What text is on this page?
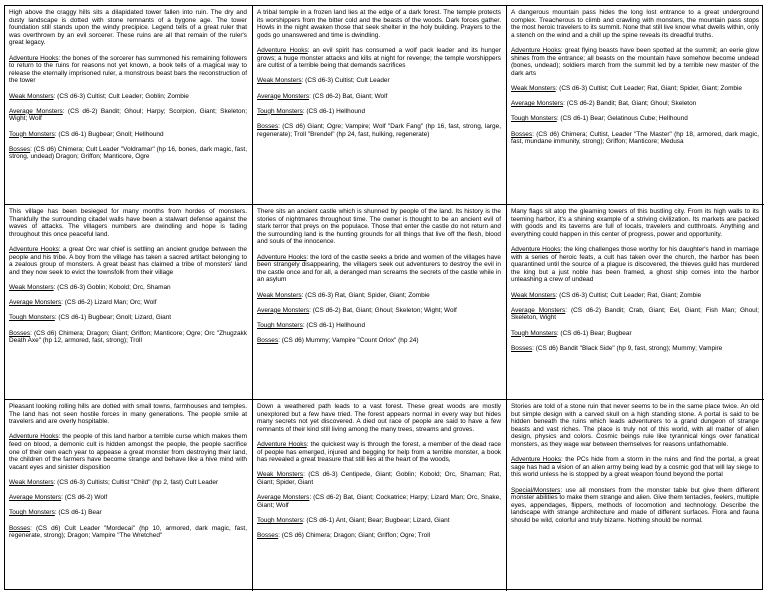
High above the craggy hills sits a dilapidated tower fallen into ruin. The dry and dusty landscape is dotted with stone remnants of a bygone age. The tower foundation still stands upon the windy precipice. Legend tells of a great ruler that was overthrown by an evil sorcerer. These ruins are all that remain of the ruler's great legacy.

Adventure Hooks: the bones of the sorcerer has summoned his remaining followers to return to the ruins for reasons not yet known, a book tells of a magical way to release the eternally imprisoned ruler, a monstrous beast bars the reconstruction of the tower

Weak Monsters: (CS d6-3) Cultist; Cult Leader; Goblin; Zombie

Average Monsters: (CS d6-2) Bandit; Ghoul; Harpy; Scorpion, Giant; Skeleton; Wight; Wolf

Tough Monsters: (CS d6-1) Bugbear; Gnoll; Hellhound

Bosses: (CS d6) Chimera; Cult Leader "Voldramar" (hp 16, bones, dark magic, fast, strong, undead) Dragon; Griffon; Manticore, Ogre

A tribal temple in a frozen land lies at the edge of a dark forest. The temple protects its worshippers from the bitter cold and the beasts of the woods. Dark forces gather. Howls in the night awaken those that seek shelter in the holy building. Prayers to the gods go unanswered and time is dwindling.

Adventure Hooks: an evil spirit has consumed a wolf pack leader and its hunger grows; a huge monster attacks and kills at night for revenge; the temple worshippers are cultist of a terrible being that demands sacrifices

Weak Monsters: (CS d6-3) Cultist; Cult Leader

Average Monsters: (CS d6-2) Bat, Giant; Wolf

Tough Monsters: (CS d6-1) Hellhound

Bosses: (CS d6) Giant; Ogre; Vampire; Wolf "Dark Fang" (hp 16, fast, strong, large, regenerate); Troll "Brendel" (hp 24, fast, hulking, regenerate)

A dangerous mountain pass hides the long lost entrance to a great underground complex. Treacherous to climb and crawling with monsters, the mountain pass stops the most heroic travelers to its summit. None that still live know what dwells within, only a stench on the wind and a chill up the spine reveals its dreadful truths.

Adventure Hooks: great flying beasts have been spotted at the summit; an eerie glow shines from the entrance; all beasts on the mountain have somehow become undead (bones, undead); soldiers march from the summit led by a terrible new master of the dark arts

Weak Monsters: (CS d6-3) Cultist; Cult Leader; Rat, Giant; Spider, Giant; Zombie

Average Monsters: (CS d6-2) Bandit; Bat, Giant; Ghoul; Skeleton

Tough Monsters: (CS d6-1) Bear; Gelatinous Cube; Hellhound

Bosses: (CS d6) Chimera; Cultist, Leader "The Master" (hp 18, armored, dark magic, fast, mundane immunity, strong); Griffon; Manticore; Medusa

This village has been besieged for many months from hordes of monsters. Thankfully the surrounding citadel walls have been a stalwart defense against the waves of attacks. The villagers numbers are dwindling and hope is fading throughout this once peaceful land.

Adventure Hooks: a great Orc war chief is settling an ancient grudge between the people and his tribe. A boy from the village has taken a sacred artifact belonging to a zealous group of monsters. A great beast has claimed a tribe of monsters' land and they now seek to evict the townsfolk from their village

Weak Monsters: (CS d6-3) Goblin; Kobold; Orc, Shaman

Average Monsters: (CS d6-2) Lizard Man; Orc; Wolf

Tough Monsters: (CS d6-1) Bugbear; Gnoll; Lizard, Giant

Bosses: (CS d6) Chimera; Dragon; Giant; Griffon; Manticore; Ogre; Orc "Zhugzakk Death Axe" (hp 12, armored, fast, strong); Troll

There sits an ancient castle which is shunned by people of the land. Its history is the stories of nightmares throughout time. The owner is thought to be an ancient evil of stark terror that preys on the populace. Those that enter the castle do not return and the surrounding land is the hunting grounds for all things that live off the flesh, blood and souls of the innocence.

Adventure Hooks: the lord of the castle seeks a bride and women of the villages have been strangely disappearing, the villagers seek out adventurers to destroy the evil in the castle once and for all, a deranged man screams the secrets of the castle while in an asylum

Weak Monsters: (CS d6-3) Rat, Giant; Spider, Giant; Zombie

Average Monsters: (CS d6-2) Bat, Giant; Ghoul; Skeleton; Wight; Wolf

Tough Monsters: (CS d6-1) Hellhound

Bosses: (CS d6) Mummy; Vampire "Count Orlox" (hp 24)

Many flags sit atop the gleaming towers of this bustling city. From its high walls to its teeming harbor, it's a shining example of a striving civilization. Its markets are packed with goods and its taverns are full of locals, travelers and cutthroats. Anything and everything could happen in this center of progress, power and opportunity.

Adventure Hooks: the king challenges those worthy for his daughter's hand in marriage with a series of heroic feats, a cult has taken over the church, the harbor has been quarantined until the source of a plague is discovered, the thieves guild has murdered the king but a just noble has been framed, a ghost ship comes into the harbor unleashing a crew of undead

Weak Monsters: (CS d6-3) Cultist; Cult Leader; Rat, Giant; Zombie

Average Monsters: (CS d6-2) Bandit; Crab, Giant; Eel, Giant; Fish Man; Ghoul; Skeleton, Wight

Tough Monsters: (CS d6-1) Bear; Bugbear

Bosses: (CS d6) Bandit "Black Side" (hp 9, fast, strong); Mummy; Vampire

Pleasant looking rolling hills are dotted with small towns, farmhouses and temples. The land has not seen hostile forces in many generations. The people smile at travelers and are overly hospitable.

Adventure Hooks: the people of this land harbor a terrible curse which makes them feed on blood, a demonic cult is hidden amongst the people, the people sacrifice one of their own each year to appease a great monster from destroying their land, the children of the farmers have become strange and behave like a hive mind with vacant eyes and sinister disposition

Weak Monsters: (CS d6-3) Cultists; Cultist "Child" (hp 2, fast) Cult Leader

Average Monsters: (CS d6-2) Wolf

Tough Monsters: (CS d6-1) Bear

Bosses: (CS d6) Cult Leader "Mordecai" (hp 10, armored, dark magic, fast, regenerate, strong); Dragon; Vampire "The Wretched"

Down a weathered path leads to a vast forest. These great woods are mostly unexplored but a few have tried. The forest appears normal in every way but hides many secrets not yet discovered. A died out race of people are said to have a few remnants of their kind still living among the many trees, streams and groves.

Adventure Hooks: the quickest way is through the forest, a member of the dead race of people has emerged, injured and begging for help from a terrible monster, a book has revealed a great treasure that still lies at the heart of the woods,

Weak Monsters: (CS d6-3) Centipede, Giant; Goblin; Kobold; Orc, Shaman; Rat, Giant; Spider, Giant

Average Monsters: (CS d6-2) Bat, Giant; Cockatrice; Harpy; Lizard Man; Orc, Snake, Giant; Wolf

Tough Monsters: (CS d6-1) Ant, Giant; Bear; Bugbear; Lizard, Giant

Bosses: (CS d6) Chimera; Dragon; Giant; Griffon; Ogre; Troll

Stories are told of a stone ruin that never seems to be in the same place twice. An old but simple design with a carved skull on a high standing stone. A portal is said to be hidden beneath the ruins which leads adventurers to a grand dungeon of strange beasts and vast riches. The place is truly not of this world, with all matter of alien design, physics and colors. Cosmic beings rule like tyrannical kings over fanatical monsters, as they wage war between themselves for reasons unfathomable.

Adventure Hooks: the PCs hide from a storm in the ruins and find the portal, a great sage has had a vision of an alien army being lead by a cosmic god that will lay siege to this world unless he is stopped by a great weapon found beyond the portal

Special/Monsters: use all monsters from the monster table but give them different monster abilities to make them strange and alien. Give them tentacles, feelers, multiple eyes, appendages, flippers, methods of locomotion and technology. Describe the landscape with strange architecture and made of different surfaces. Flora and fauna should be wild, colorful and truly bizarre. Nothing should be normal.
